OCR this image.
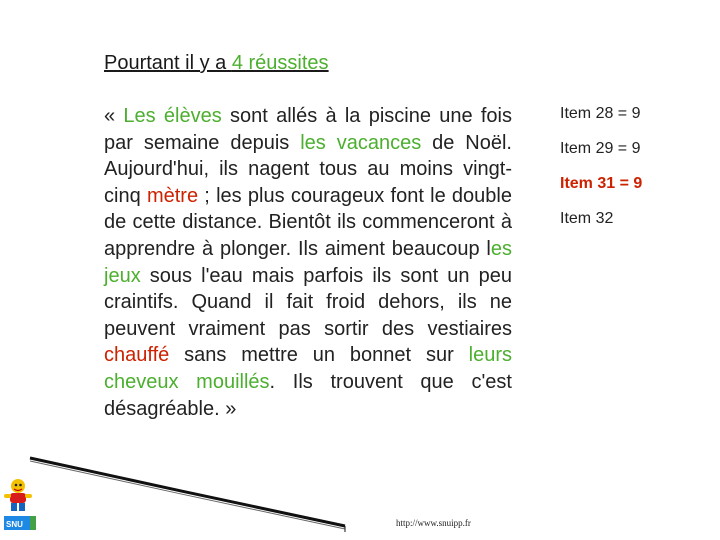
Pourtant il y a 4 réussites
« Les élèves sont allés à la piscine une fois par semaine depuis les vacances de Noël. Aujourd'hui, ils nagent tous au moins vingt-cinq mètre ; les plus courageux font le double de cette distance. Bientôt ils commenceront à apprendre à plonger. Ils aiment beaucoup les jeux sous l'eau mais parfois ils sont un peu craintifs. Quand il fait froid dehors, ils ne peuvent vraiment pas sortir des vestiaires chauffé sans mettre un bonnet sur leurs cheveux mouillés. Ils trouvent que c'est désagréable. »
Item 28 = 9
Item 29 = 9
Item 31 = 9
Item 32
http://www.snuipp.fr
SNU
